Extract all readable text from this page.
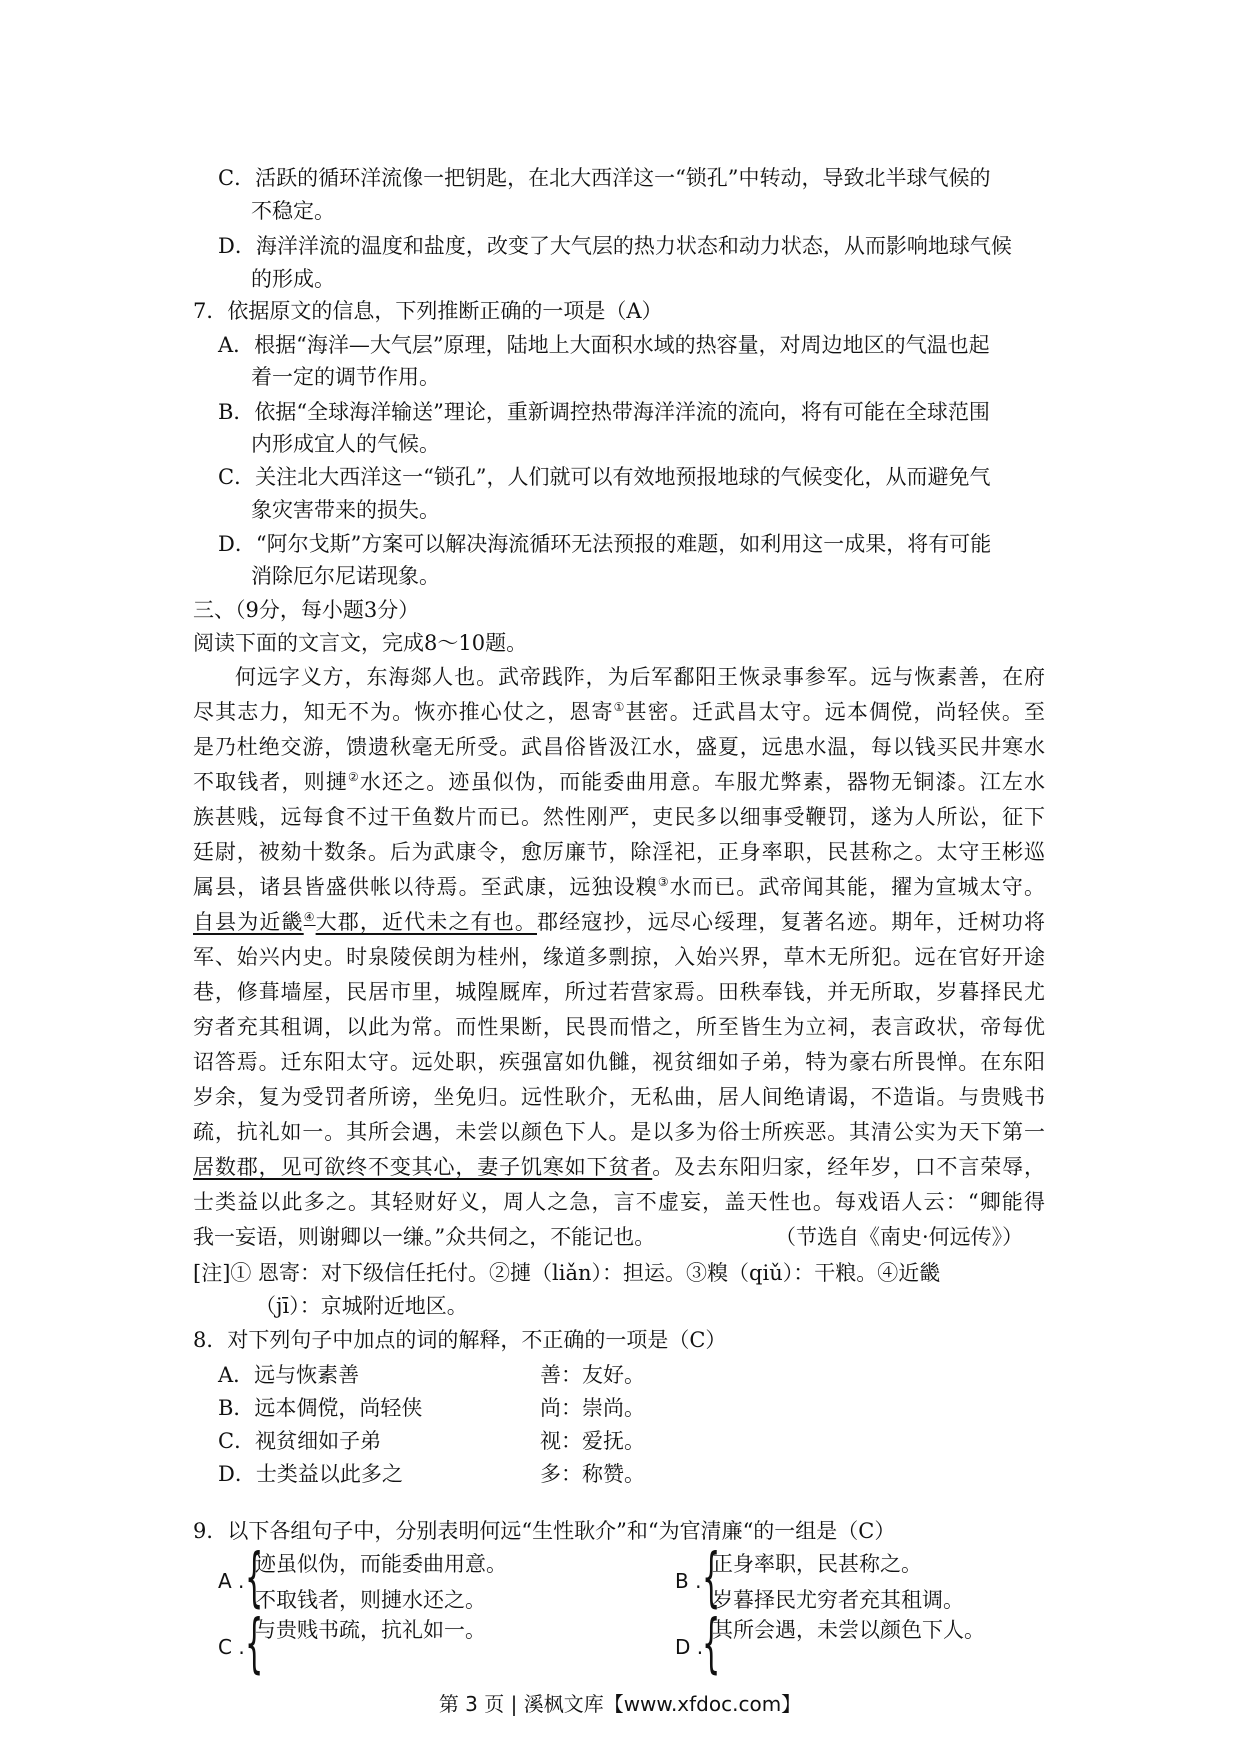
C．活跃的循环洋流像一把钥匙，在北大西洋这一“锁孔”中转动，导致北半球气候的
不稳定。
D．海洋洋流的温度和盐度，改变了大气层的热力状态和动力状态，从而影响地球气候
的形成。
7．依据原文的信息，下列推断正确的一项是（A）
A．根据“海洋—大气层”原理，陆地上大面积水域的热容量，对周边地区的气温也起
着一定的调节作用。
B．依据“全球海洋输送”理论，重新调控热带海洋洋流的流向，将有可能在全球范围
内形成宜人的气候。
C．关注北大西洋这一“锁孔”，人们就可以有效地预报地球的气候变化，从而避免气
象灾害带来的损失。
D．“阿尔戈斯”方案可以解决海流循环无法预报的难题，如利用这一成果，将有可能
消除厄尔尼诺现象。
三、（9分，每小题3分）
阅读下面的文言文，完成8～10题。
何远字义方，东海郯人也。武帝践阼，为后军鄱阳王恢录事参军。远与恢素善，在府
尽其志力，知无不为。恢亦推心仗之，恩寄①甚密。迁武昌太守。远本倜傥，尚轻侠。至
是乃杜绝交游，馈遗秋毫无所受。武昌俗皆汲江水，盛夏，远患水温，每以钱买民井寒水
不取钱者，则摙②水还之。迹虽似伪，而能委曲用意。车服尤弊素，器物无铜漆。江左水
族甚贱，远每食不过干鱼数片而已。然性刚严，吏民多以细事受鞭罚，遂为人所讼，征下
廷尉，被劾十数条。后为武康令，愈厉廉节，除淫祀，正身率职，民甚称之。太守王彬巡
属县，诸县皆盛供帐以待焉。至武康，远独设糗③水而已。武帝闻其能，擢为宣城太守。
自县为近畿④大郡，近代未之有也。郡经寇抄，远尽心绥理，复著名迹。期年，迁树功将
军、始兴内史。时泉陵侯朗为桂州，缘道多剽掠，入始兴界，草木无所犯。远在官好开途
巷，修葺墙屋，民居市里，城隍厩库，所过若营家焉。田秩奉钱，并无所取，岁暮择民尤
穷者充其租调，以此为常。而性果断，民畏而惜之，所至皆生为立祠，表言政状，帝每优
诏答焉。迁东阳太守。远处职，疾强富如仇雠，视贫细如子弟，特为豪右所畏惮。在东阳
岁余，复为受罚者所谤，坐免归。远性耿介，无私曲，居人间绝请谒，不造诣。与贵贱书
疏，抗礼如一。其所会遇，未尝以颜色下人。是以多为俗士所疾恶。其清公实为天下第一
居数郡，见可欲终不变其心，妻子饥寒如下贫者。及去东阳归家，经年岁，口不言荣辱，
士类益以此多之。其轻财好义，周人之急，言不虚妄，盖天性也。每戏语人云：“卿能得
我一妄语，则谢卿以一缣。”众共伺之，不能记也。	（节选自《南史·何远传》）
[注]① 恩寄：对下级信任托付。②摙（liǎn）：担运。③糗（qiǔ）：干粮。④近畿
（jī）：京城附近地区。
8．对下列句子中加点的词的解释，不正确的一项是（C）
A．远与恢素善	善：友好。
B．远本倜傥，尚轻侠	尚：崇尚。
C．视贫细如子弟	视：爱抚。
D．士类益以此多之	多：称赞。
9．以下各组句子中，分别表明何远“生性耿介”和“为官清廉“的一组是（C）
A . {
迹虽似伪，而能委曲用意。
不取钱者，则摙水还之。
B . {
正身率职，民甚称之。
岁暮择民尤穷者充其租调。
C . {
与贵贱书疏，抗礼如一。
D .
{
其所会遇，未尝以颜色下人。
第 3 页 | 溪枫文库【www.xfdoc.com】
